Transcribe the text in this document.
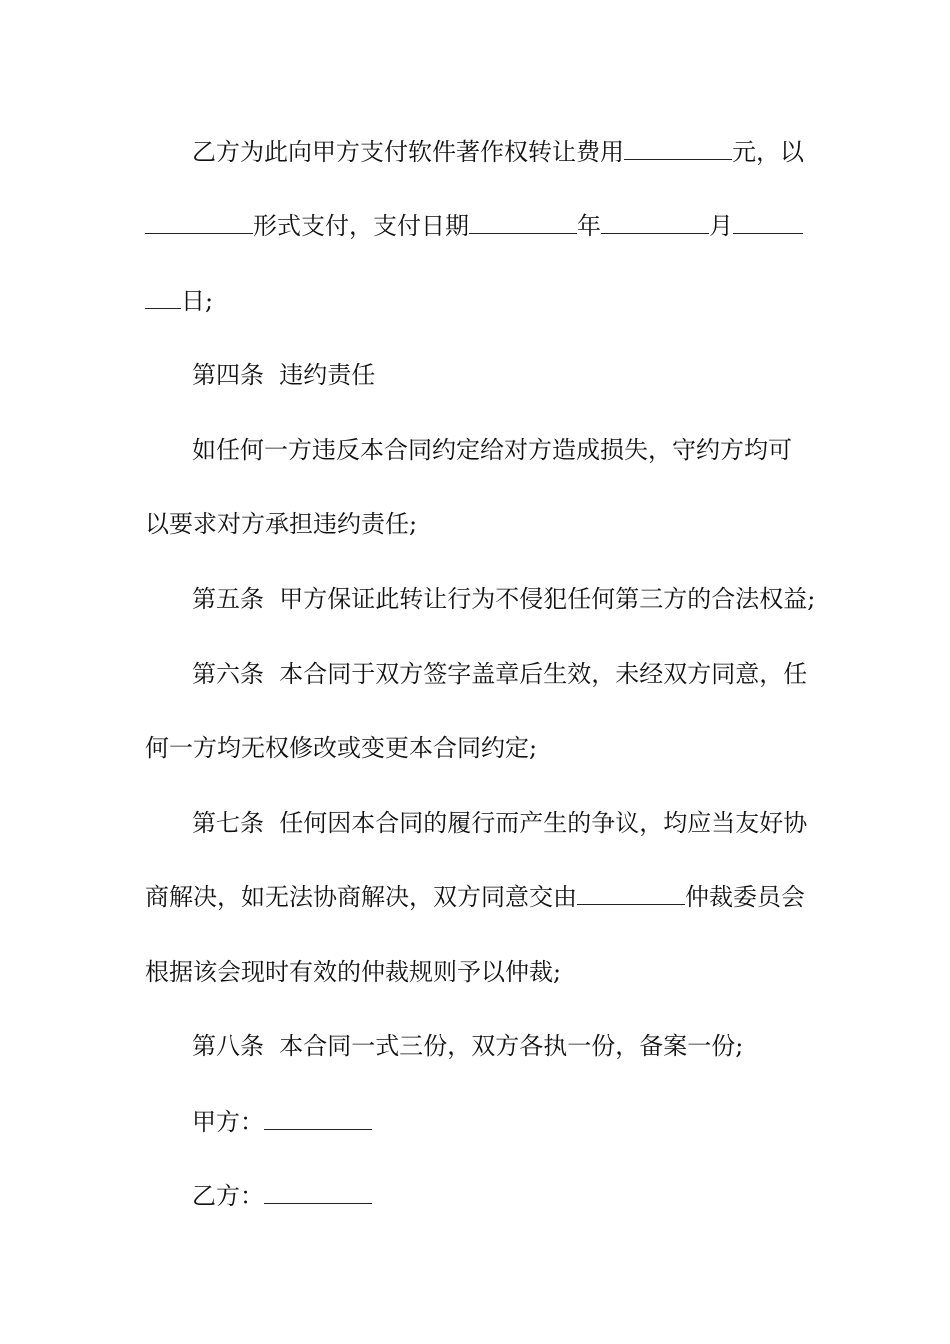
乙方为此向甲方支付软件著作权转让费用	元，以
形式支付，支付日期	年	月
日;
第四条  违约责任
如任何一方违反本合同约定给对方造成损失，守约方均可
以要求对方承担违约责任;
第五条  甲方保证此转让行为不侵犯任何第三方的合法权益;
第六条  本合同于双方签字盖章后生效，未经双方同意，任
何一方均无权修改或变更本合同约定;
第七条  任何因本合同的履行而产生的争议，均应当友好协
商解决，如无法协商解决，双方同意交由	仲裁委员会
根据该会现时有效的仲裁规则予以仲裁;
第八条  本合同一式三份，双方各执一份，备案一份;
甲方：
乙方：
